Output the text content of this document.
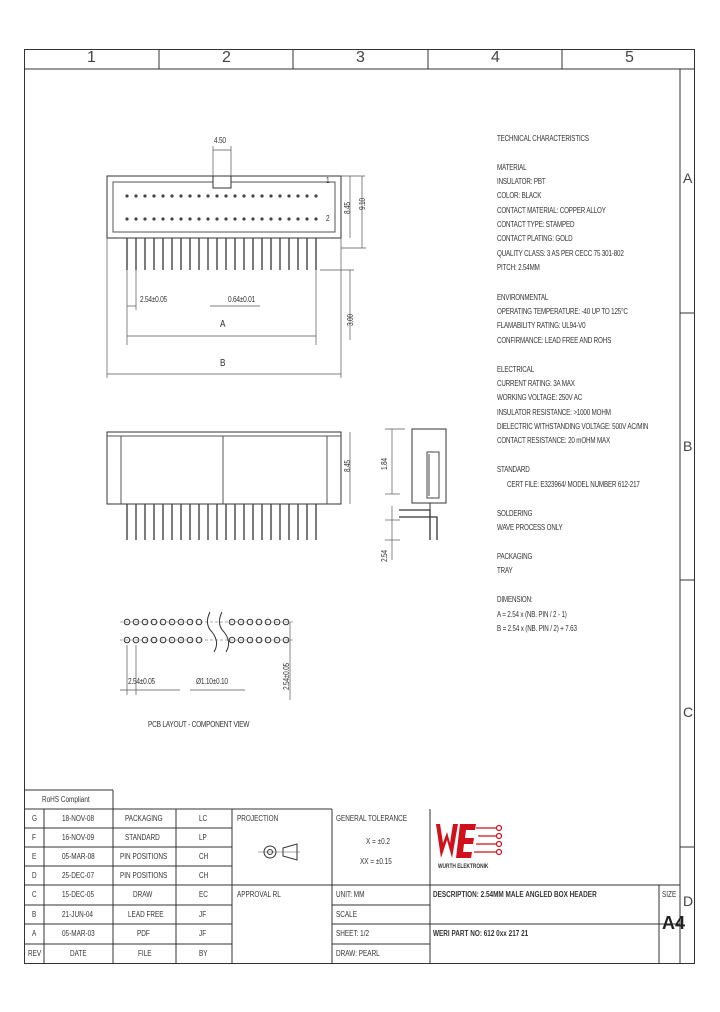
1	2	3	4	5
A
B
C
D
4.50
1
2
8.45 9.10
3.00
2.54±0.05	0.64±0.01
A
B
8.45	1.84
2.54
2.54±0.05	Ø1.10±0.10	2.54±0.05
PCB LAYOUT - COMPONENT VIEW
TECHNICAL CHARACTERISTICS
MATERIAL
INSULATOR: PBT
COLOR: BLACK
CONTACT MATERIAL: COPPER ALLOY
CONTACT TYPE: STAMPED
CONTACT PLATING: GOLD
QUALITY CLASS: 3 AS PER CECC 75 301-802
PITCH: 2.54MM
ENVIRONMENTAL
OPERATING TEMPERATURE: -40 UP TO 125°C
FLAMABILITY RATING: UL94-V0
CONFIRMANCE: LEAD FREE AND ROHS
ELECTRICAL
CURRENT RATING: 3A MAX
WORKING VOLTAGE: 250V AC
INSULATOR RESISTANCE: >1000 MOHM
DIELECTRIC WITHSTANDING VOLTAGE: 500V AC/MIN
CONTACT RESISTANCE: 20 mOHM MAX
STANDARD
CERT FILE: E323964/ MODEL NUMBER 612-217
SOLDERING
WAVE PROCESS ONLY
PACKAGING
TRAY
DIMENSION:
A = 2.54 x (NB. PIN / 2 - 1)
B = 2.54 x (NB. PIN / 2) + 7.63
RoHS Compliant
G	18-NOV-08	PACKAGING	LC
F	16-NOV-09	STANDARD	LP
E	05-MAR-08	PIN POSITIONS	CH
D	25-DEC-07	PIN POSITIONS	CH
C	15-DEC-05	DRAW	EC
B	21-JUN-04	LEAD FREE	JF
A	05-MAR-03	PDF	JF
REV	DATE	FILE	BY
PROJECTION	GENERAL TOLERANCE
X = ±0.2
XX = ±0.15
APPROVAL RL	UNIT: MM
SCALE
SHEET: 1/2
DRAW: PEARL
DESCRIPTION: 2.54MM MALE ANGLED BOX HEADER
WERI PART NO: 612 0xx 217 21
SIZE
A4
WÜRTH ELEKTRONIK
